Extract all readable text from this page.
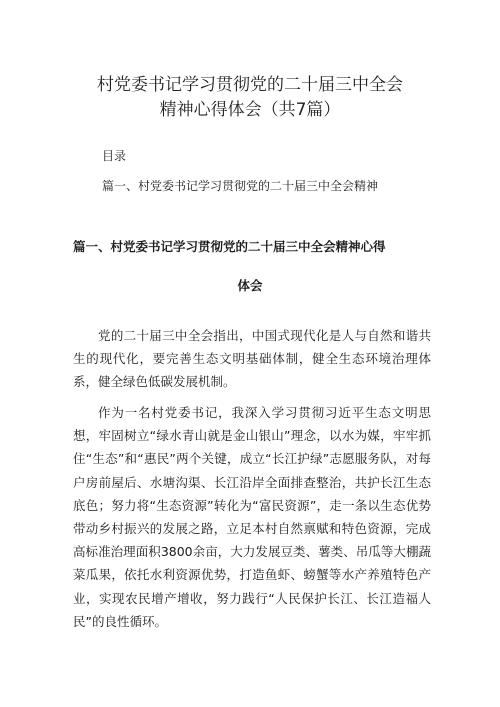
村党委书记学习贯彻党的二十届三中全会
精神心得体会（共7篇）
目录
篇一、村党委书记学习贯彻党的二十届三中全会精神
篇一、村党委书记学习贯彻党的二十届三中全会精神心得
体会

党的二十届三中全会指出，中国式现代化是人与自然和谐共生的现代化，要完善生态文明基础体制，健全生态环境治理体系，健全绿色低碳发展机制。

作为一名村党委书记，我深入学习贯彻习近平生态文明思想，牢固树立“绿水青山就是金山银山”理念，以水为媒，牢牢抓住“生态”和“惠民”两个关键，成立“长江护绿”志愿服务队，对每户房前屋后、水塘沟渠、长江沿岸全面排查整治，共护长江生态底色；努力将“生态资源”转化为“富民资源”，走一条以生态优势带动乡村振兴的发展之路，立足本村自然禀赋和特色资源，完成高标准治理面积3800余亩，大力发展豆类、薯类、吊瓜等大棚蔬菜瓜果，依托水利资源优势，打造鱼虾、螃蟹等水产养殖特色产业，实现农民增产增收，努力践行“人民保护长江、长江造福人民”的良性循环。
